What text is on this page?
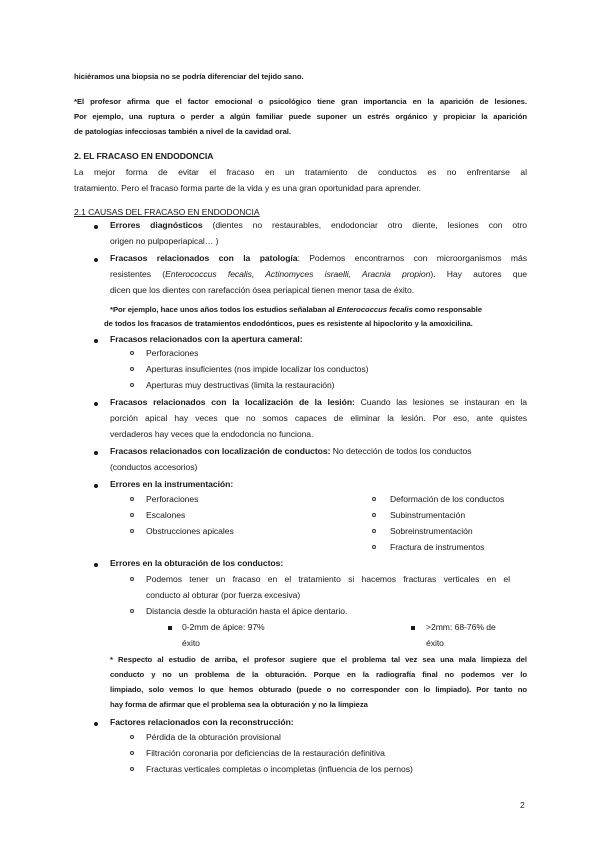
hiciéramos una biopsia no se podría diferenciar del tejido sano.
*El profesor afirma que el factor emocional o psicológico tiene gran importancia en la aparición de lesiones.
Por ejemplo, una ruptura o perder a algún familiar puede suponer un estrés orgánico y propiciar la aparición
de patologías infecciosas también a nivel de la cavidad oral.
2. EL FRACASO EN ENDODONCIA
La mejor forma de evitar el fracaso en un tratamiento de conductos es no enfrentarse al
tratamiento. Pero el fracaso forma parte de la vida y es una gran oportunidad para aprender.
2.1 CAUSAS DEL FRACASO EN ENDODONCIA
Errores diagnósticos (dientes no restaurables, endodonciar otro diente, lesiones con otro
origen no pulpoperiapical… )
Fracasos relacionados con la patología: Podemos encontrarnos con microorganismos más
resistentes (Enterococcus fecalis, Actinomyces israelli, Aracnia propion). Hay autores que
dicen que los dientes con rarefacción ósea periapical tienen menor tasa de éxito.
*Por ejemplo, hace unos años todos los estudios señalaban al Enterococcus fecalis como responsable
de todos los fracasos de tratamientos endodónticos, pues es resistente al hipoclorito y la amoxicilina.
Fracasos relacionados con la apertura cameral:
Perforaciones
Aperturas insuficientes (nos impide localizar los conductos)
Aperturas muy destructivas (limita la restauración)
Fracasos relacionados con la localización de la lesión: Cuando las lesiones se instauran en la
porción apical hay veces que no somos capaces de eliminar la lesión. Por eso, ante quistes
verdaderos hay veces que la endodoncia no funciona.
Fracasos relacionados con localización de conductos: No detección de todos los conductos
(conductos accesorios)
Errores en la instrumentación:
Perforaciones
Escalones
Obstrucciones apicales
Deformación de los conductos
Subinstrumentación
Sobreinstrumentación
Fractura de instrumentos
Errores en la obturación de los conductos:
Podemos tener un fracaso en el tratamiento si hacemos fracturas verticales en el
conducto al obturar (por fuerza excesiva)
Distancia desde la obturación hasta el ápice dentario.
0-2mm de ápice: 97%
éxito
>2mm: 68-76% de
éxito
* Respecto al estudio de arriba, el profesor sugiere que el problema tal vez sea una mala limpieza del
conducto y no un problema de la obturación. Porque en la radiografía final no podemos ver lo
limpiado, solo vemos lo que hemos obturado (puede o no corresponder con lo limpiado). Por tanto no
hay forma de afirmar que el problema sea la obturación y no la limpieza
Factores relacionados con la reconstrucción:
Pérdida de la obturación provisional
Filtración coronaria por deficiencias de la restauración definitiva
Fracturas verticales completas o incompletas (influencia de los pernos)
2
